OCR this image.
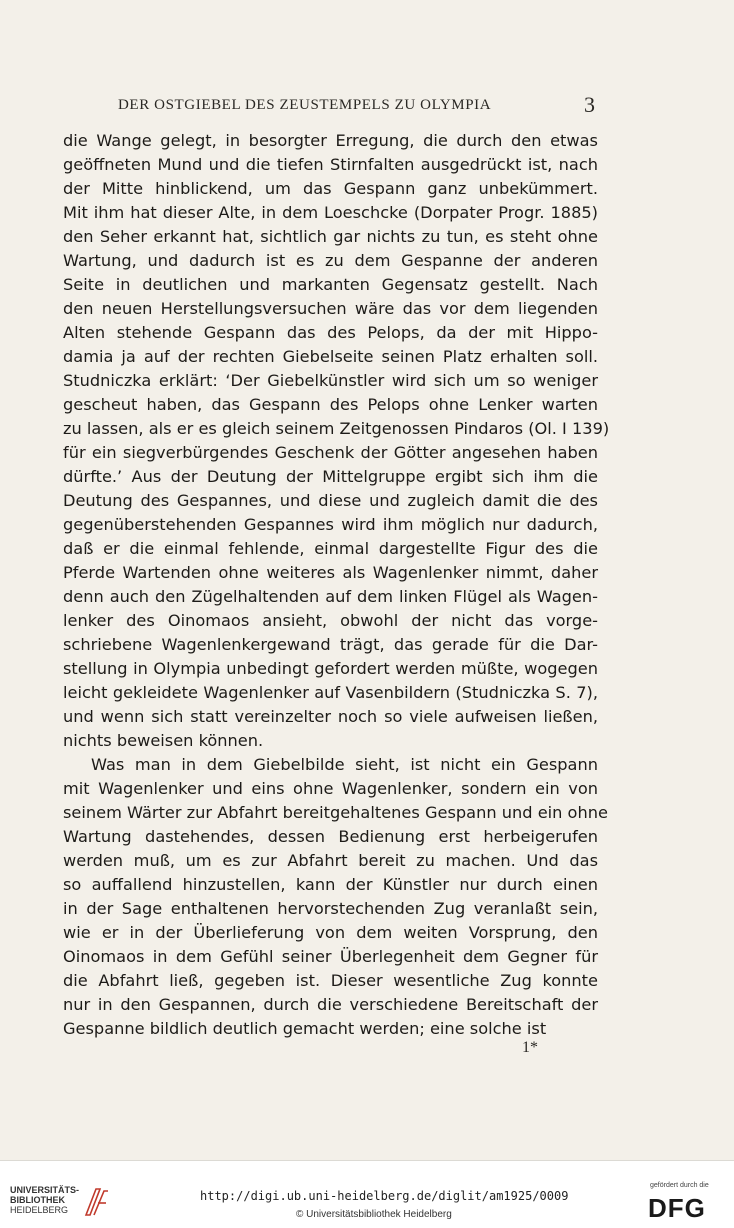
DER OSTGIEBEL DES ZEUSTEMPELS ZU OLYMPIA	3
die Wange gelegt, in besorgter Erregung, die durch den etwas
geöffneten Mund und die tiefen Stirnfalten ausgedrückt ist, nach
der Mitte hinblickend, um das Gespann ganz unbekümmert.
Mit ihm hat dieser Alte, in dem Loeschcke (Dorpater Progr. 1885)
den Seher erkannt hat, sichtlich gar nichts zu tun, es steht ohne
Wartung, und dadurch ist es zu dem Gespanne der anderen
Seite in deutlichen und markanten Gegensatz gestellt. Nach
den neuen Herstellungsversuchen wäre das vor dem liegenden
Alten stehende Gespann das des Pelops, da der mit Hippo-
damia ja auf der rechten Giebelseite seinen Platz erhalten soll.
Studniczka erklärt: ‘Der Giebelkünstler wird sich um so weniger
gescheut haben, das Gespann des Pelops ohne Lenker warten
zu lassen, als er es gleich seinem Zeitgenossen Pindaros (Ol. I 139)
für ein siegverbürgendes Geschenk der Götter angesehen haben
dürfte.’ Aus der Deutung der Mittelgruppe ergibt sich ihm die
Deutung des Gespannes, und diese und zugleich damit die des
gegenüberstehenden Gespannes wird ihm möglich nur dadurch,
daß er die einmal fehlende, einmal dargestellte Figur des die
Pferde Wartenden ohne weiteres als Wagenlenker nimmt, daher
denn auch den Zügelhaltenden auf dem linken Flügel als Wagen-
lenker des Oinomaos ansieht, obwohl der nicht das vorge-
schriebene Wagenlenkergewand trägt, das gerade für die Dar-
stellung in Olympia unbedingt gefordert werden müßte, wogegen
leicht gekleidete Wagenlenker auf Vasenbildern (Studniczka S. 7),
und wenn sich statt vereinzelter noch so viele aufweisen ließen,
nichts beweisen können.
Was man in dem Giebelbilde sieht, ist nicht ein Gespann
mit Wagenlenker und eins ohne Wagenlenker, sondern ein von
seinem Wärter zur Abfahrt bereitgehaltenes Gespann und ein ohne
Wartung dastehendes, dessen Bedienung erst herbeigerufen
werden muß, um es zur Abfahrt bereit zu machen. Und das
so auffallend hinzustellen, kann der Künstler nur durch einen
in der Sage enthaltenen hervorstechenden Zug veranlaßt sein,
wie er in der Überlieferung von dem weiten Vorsprung, den
Oinomaos in dem Gefühl seiner Überlegenheit dem Gegner für
die Abfahrt ließ, gegeben ist. Dieser wesentliche Zug konnte
nur in den Gespannen, durch die verschiedene Bereitschaft der
Gespanne bildlich deutlich gemacht werden; eine solche ist
1*
UNIVERSITÄTS-
BIBLIOTHEK
HEIDELBERG
http://digi.ub.uni-heidelberg.de/diglit/am1925/0009
© Universitätsbibliothek Heidelberg
gefördert durch die
DFG
